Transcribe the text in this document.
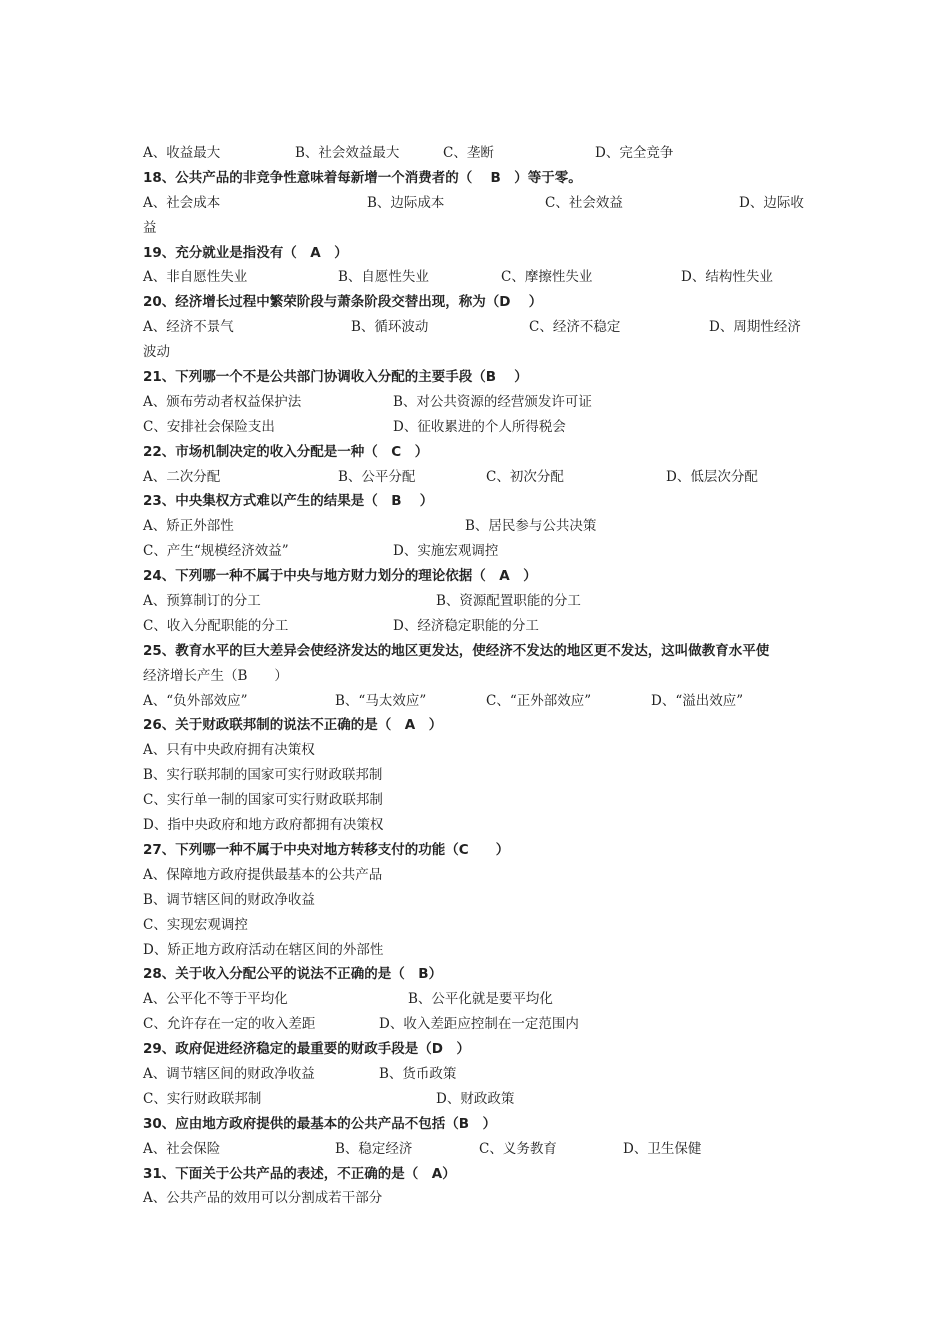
A、收益最大	B、社会效益最大	C、垄断	D、完全竞争
18、公共产品的非竞争性意味着每新增一个消费者的（　 B　）等于零。
A、社会成本	B、边际成本	C、社会效益	D、边际收
益
19、充分就业是指没有（　A　）
A、非自愿性失业	B、自愿性失业	C、摩擦性失业	D、结构性失业
20、经济增长过程中繁荣阶段与萧条阶段交替出现，称为（D　 ）
A、经济不景气	B、循环波动	C、经济不稳定	D、周期性经济
波动
21、下列哪一个不是公共部门协调收入分配的主要手段（B　 ）
A、颁布劳动者权益保护法	B、对公共资源的经营颁发许可证
C、安排社会保险支出	D、征收累进的个人所得税会
22、市场机制决定的收入分配是一种（　C　）
A、二次分配	B、公平分配	C、初次分配	D、低层次分配
23、中央集权方式难以产生的结果是（　B　 ）
A、矫正外部性	B、居民参与公共决策
C、产生“规模经济效益”	D、实施宏观调控
24、下列哪一种不属于中央与地方财力划分的理论依据（　A　）
A、预算制订的分工	B、资源配置职能的分工
C、收入分配职能的分工	D、经济稳定职能的分工
25、教育水平的巨大差异会使经济发达的地区更发达，使经济不发达的地区更不发达，这叫做教育水平使
经济增长产生（B　　）
A、“负外部效应”	B、“马太效应”	C、“正外部效应”	D、“溢出效应”
26、关于财政联邦制的说法不正确的是（　A　）
A、只有中央政府拥有决策权
B、实行联邦制的国家可实行财政联邦制
C、实行单一制的国家可实行财政联邦制
D、指中央政府和地方政府都拥有决策权
27、下列哪一种不属于中央对地方转移支付的功能（C　　）
A、保障地方政府提供最基本的公共产品
B、调节辖区间的财政净收益
C、实现宏观调控
D、矫正地方政府活动在辖区间的外部性
28、关于收入分配公平的说法不正确的是（　B）
A、公平化不等于平均化	B、公平化就是要平均化
C、允许存在一定的收入差距	D、收入差距应控制在一定范围内
29、政府促进经济稳定的最重要的财政手段是（D　）
A、调节辖区间的财政净收益	B、货币政策
C、实行财政联邦制	D、财政政策
30、应由地方政府提供的最基本的公共产品不包括（B　）
A、社会保险	B、稳定经济	C、义务教育	D、卫生保健
31、下面关于公共产品的表述，不正确的是（　A）
A、公共产品的效用可以分割成若干部分
